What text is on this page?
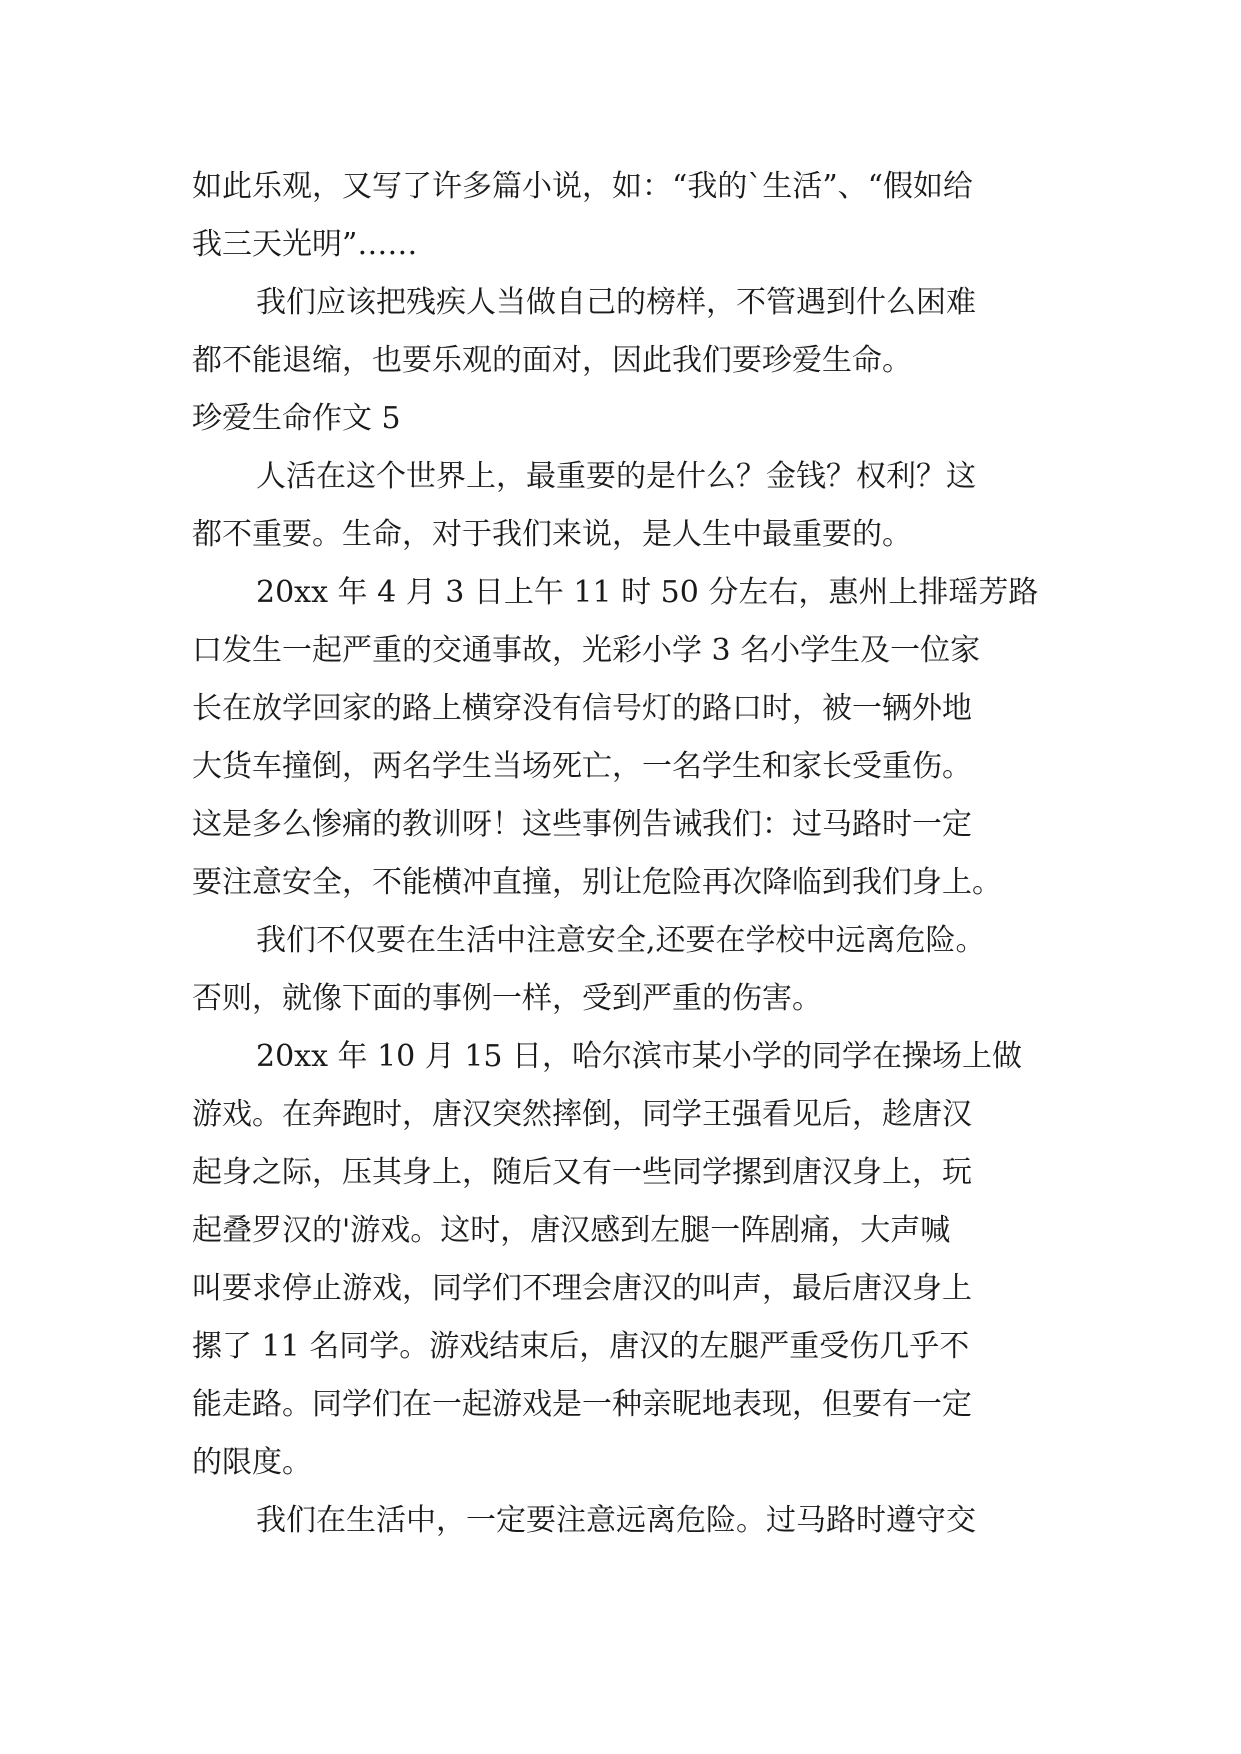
如此乐观，又写了许多篇小说，如：“我的`生活”、“假如给
我三天光明”……
我们应该把残疾人当做自己的榜样，不管遇到什么困难
都不能退缩，也要乐观的面对，因此我们要珍爱生命。
珍爱生命作文 5
人活在这个世界上，最重要的是什么？金钱？权利？这
都不重要。生命，对于我们来说，是人生中最重要的。
20xx 年 4 月 3 日上午 11 时 50 分左右，惠州上排瑶芳路
口发生一起严重的交通事故，光彩小学 3 名小学生及一位家
长在放学回家的路上横穿没有信号灯的路口时，被一辆外地
大货车撞倒，两名学生当场死亡，一名学生和家长受重伤。
这是多么惨痛的教训呀！这些事例告诫我们：过马路时一定
要注意安全，不能横冲直撞，别让危险再次降临到我们身上。
我们不仅要在生活中注意安全,还要在学校中远离危险。
否则，就像下面的事例一样，受到严重的伤害。
20xx 年 10 月 15 日，哈尔滨市某小学的同学在操场上做
游戏。在奔跑时，唐汉突然摔倒，同学王强看见后，趁唐汉
起身之际，压其身上，随后又有一些同学摞到唐汉身上，玩
起叠罗汉的'游戏。这时，唐汉感到左腿一阵剧痛，大声喊
叫要求停止游戏，同学们不理会唐汉的叫声，最后唐汉身上
摞了 11 名同学。游戏结束后，唐汉的左腿严重受伤几乎不
能走路。同学们在一起游戏是一种亲昵地表现，但要有一定
的限度。
我们在生活中，一定要注意远离危险。过马路时遵守交
